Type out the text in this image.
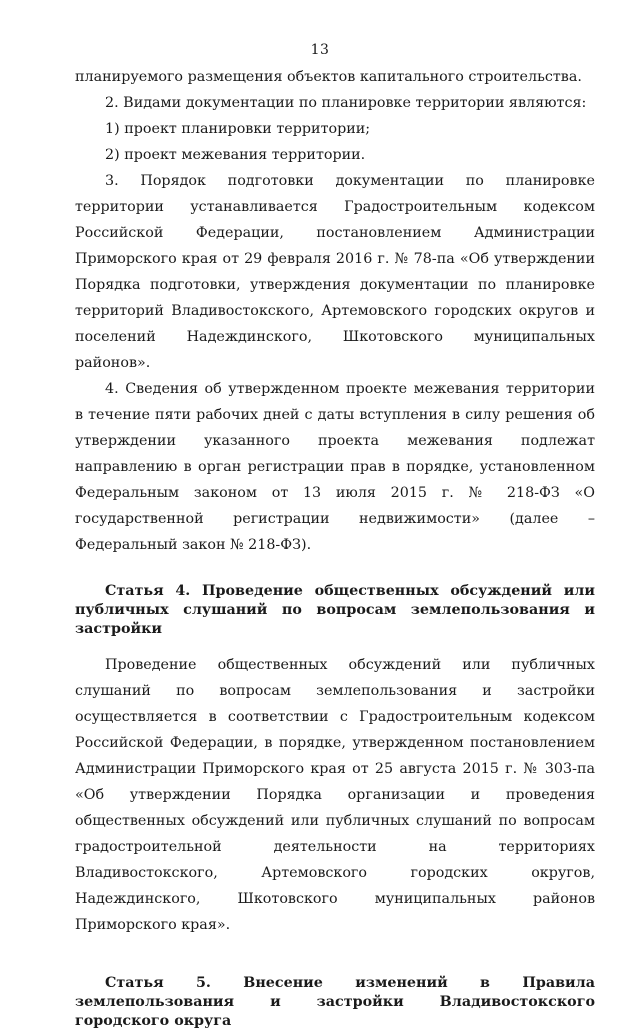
13

планируемого размещения объектов капитального строительства.

2. Видами документации по планировке территории являются:

1) проект планировки территории;

2) проект межевания территории.

3. Порядок подготовки документации по планировке территории устанавливается Градостроительным кодексом Российской Федерации, постановлением Администрации Приморского края от 29 февраля 2016 г. № 78-па «Об утверждении Порядка подготовки, утверждения документации по планировке территорий Владивостокского, Артемовского городских округов и поселений Надеждинского, Шкотовского муниципальных районов».

4. Сведения об утвержденном проекте межевания территории в течение пяти рабочих дней с даты вступления в силу решения об утверждении указанного проекта межевания подлежат направлению в орган регистрации прав в порядке, установленном Федеральным законом от 13 июля 2015 г. № 218-ФЗ «О государственной регистрации недвижимости» (далее – Федеральный закон № 218-ФЗ).

Статья 4. Проведение общественных обсуждений или публичных слушаний по вопросам землепользования и застройки

Проведение общественных обсуждений или публичных слушаний по вопросам землепользования и застройки осуществляется в соответствии с Градостроительным кодексом Российской Федерации, в порядке, утвержденном постановлением Администрации Приморского края от 25 августа 2015 г. № 303-па «Об утверждении Порядка организации и проведения общественных обсуждений или публичных слушаний по вопросам градостроительной деятельности на территориях Владивостокского, Артемовского городских округов, Надеждинского, Шкотовского муниципальных районов Приморского края».

Статья 5. Внесение изменений в Правила землепользования и застройки Владивостокского городского округа
